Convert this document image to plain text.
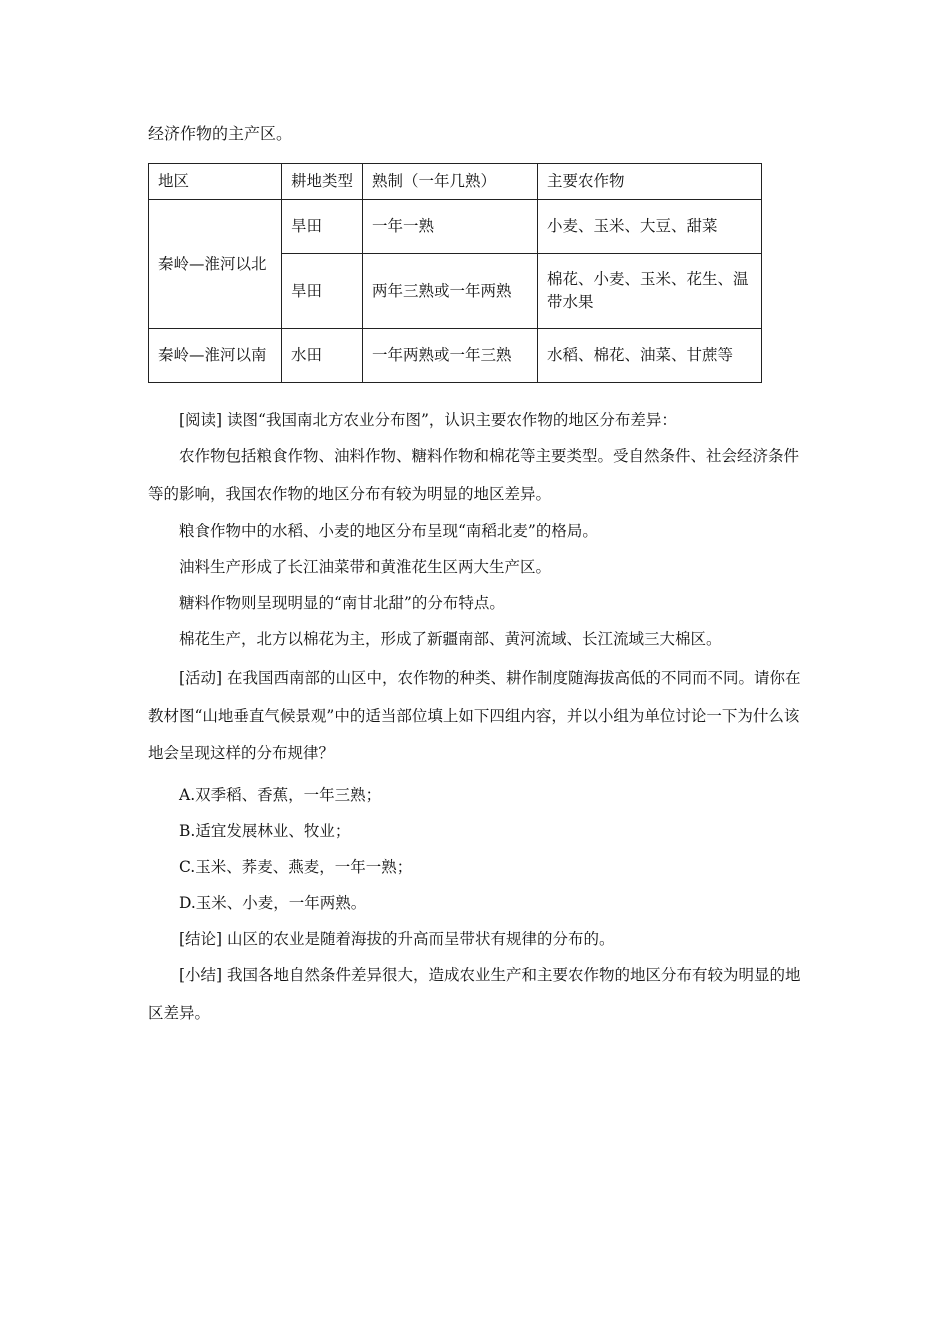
经济作物的主产区。
地区	耕地类型	熟制（一年几熟）	主要农作物
秦岭—淮河以北	旱田	一年一熟	小麦、玉米、大豆、甜菜
	旱田	两年三熟或一年两熟	棉花、小麦、玉米、花生、温
带水果
秦岭—淮河以南	水田	一年两熟或一年三熟	水稻、棉花、油菜、甘蔗等

[阅读] 读图“我国南北方农业分布图”，认识主要农作物的地区分布差异：

农作物包括粮食作物、油料作物、糖料作物和棉花等主要类型。受自然条件、社会经济条件等的影响，我国农作物的地区分布有较为明显的地区差异。

粮食作物中的水稻、小麦的地区分布呈现“南稻北麦”的格局。

油料生产形成了长江油菜带和黄淮花生区两大生产区。

糖料作物则呈现明显的“南甘北甜”的分布特点。

棉花生产，北方以棉花为主，形成了新疆南部、黄河流域、长江流域三大棉区。

[活动] 在我国西南部的山区中，农作物的种类、耕作制度随海拔高低的不同而不同。请你在教材图“山地垂直气候景观”中的适当部位填上如下四组内容，并以小组为单位讨论一下为什么该地会呈现这样的分布规律？

A.双季稻、香蕉，一年三熟；

B.适宜发展林业、牧业；

C.玉米、荞麦、燕麦，一年一熟；

D.玉米、小麦，一年两熟。

[结论] 山区的农业是随着海拔的升高而呈带状有规律的分布的。

[小结] 我国各地自然条件差异很大，造成农业生产和主要农作物的地区分布有较为明显的地区差异。
